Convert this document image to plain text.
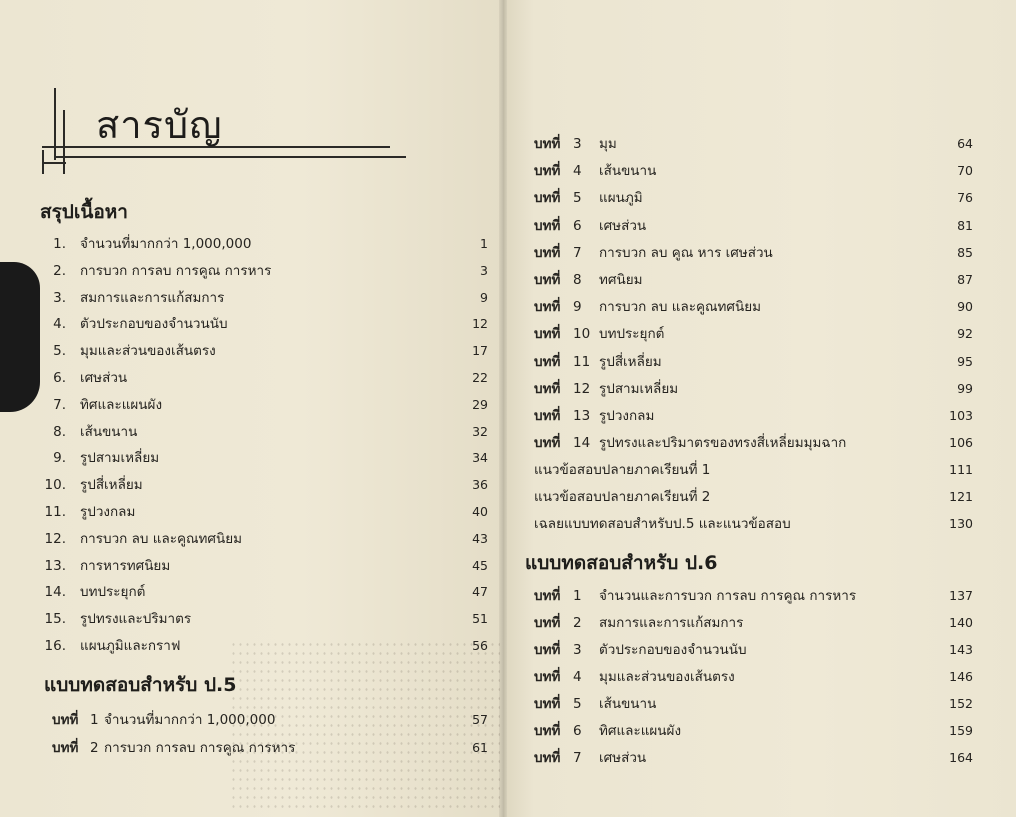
สารบัญ
สรุปเนื้อหา
1. จำนวนที่มากกว่า 1,000,000	1
2. การบวก การลบ การคูณ การหาร	3
3. สมการและการแก้สมการ	9
4. ตัวประกอบของจำนวนนับ	12
5. มุมและส่วนของเส้นตรง	17
6. เศษส่วน	22
7. ทิศและแผนผัง	29
8. เส้นขนาน	32
9. รูปสามเหลี่ยม	34
10. รูปสี่เหลี่ยม	36
11. รูปวงกลม	40
12. การบวก ลบ และคูณทศนิยม	43
13. การหารทศนิยม	45
14. บทประยุกต์	47
15. รูปทรงและปริมาตร	51
16. แผนภูมิและกราฟ	56
แบบทดสอบสำหรับ ป.5
บทที่ 1 จำนวนที่มากกว่า 1,000,000	57
บทที่ 2 การบวก การลบ การคูณ การหาร	61
บทที่ 3 มุม	64
บทที่ 4 เส้นขนาน	70
บทที่ 5 แผนภูมิ	76
บทที่ 6 เศษส่วน	81
บทที่ 7 การบวก ลบ คูณ หาร เศษส่วน	85
บทที่ 8 ทศนิยม	87
บทที่ 9 การบวก ลบ และคูณทศนิยม	90
บทที่ 10 บทประยุกต์	92
บทที่ 11 รูปสี่เหลี่ยม	95
บทที่ 12 รูปสามเหลี่ยม	99
บทที่ 13 รูปวงกลม	103
บทที่ 14 รูปทรงและปริมาตรของทรงสี่เหลี่ยมมุมฉาก	106
แนวข้อสอบปลายภาคเรียนที่ 1	111
แนวข้อสอบปลายภาคเรียนที่ 2	121
เฉลยแบบทดสอบสำหรับป.5 และแนวข้อสอบ	130
แบบทดสอบสำหรับ ป.6
บทที่ 1 จำนวนและการบวก การลบ การคูณ การหาร	137
บทที่ 2 สมการและการแก้สมการ	140
บทที่ 3 ตัวประกอบของจำนวนนับ	143
บทที่ 4 มุมและส่วนของเส้นตรง	146
บทที่ 5 เส้นขนาน	152
บทที่ 6 ทิศและแผนผัง	159
บทที่ 7 เศษส่วน	164
